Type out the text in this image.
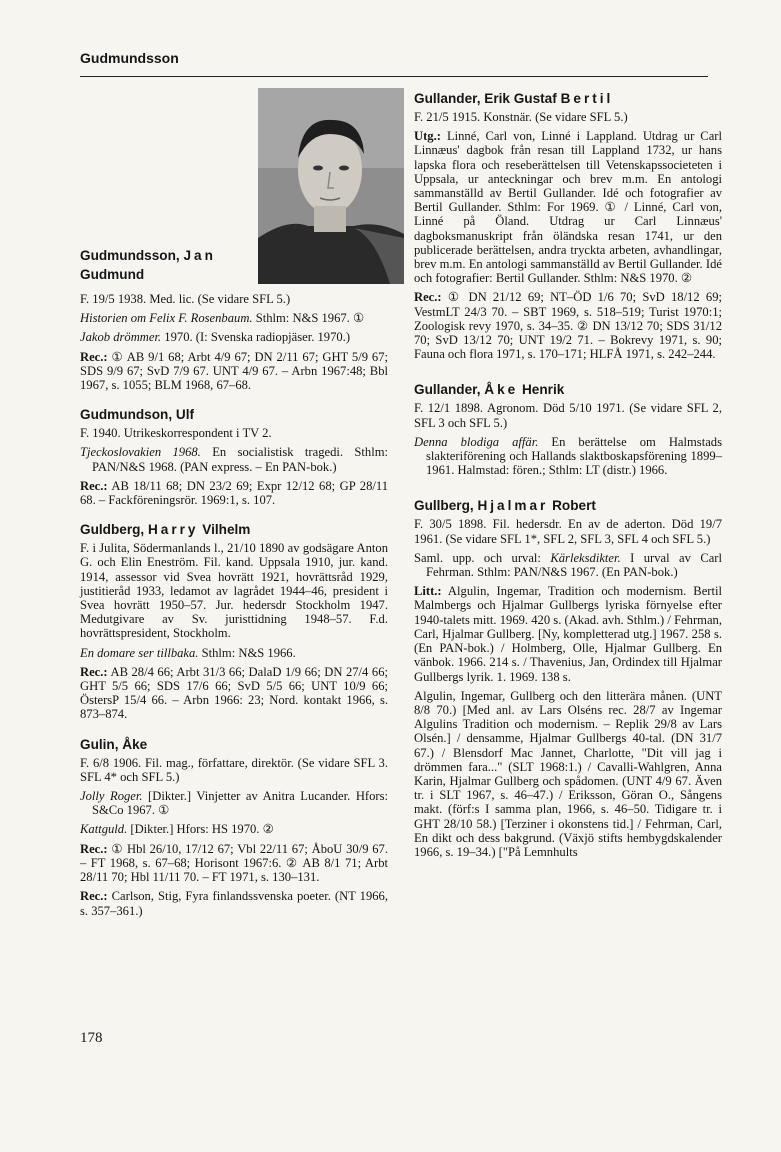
Gudmundsson
Gudmundsson, Jan
Gudmund

F. 19/5 1938. Med. lic. (Se vidare SFL 5.)

Historien om Felix F. Rosenbaum. Sthlm: N&S 1967. ①

Jakob drömmer. 1970. (I: Svenska radiopjäser. 1970.)

Rec.: ① AB 9/1 68; Arbt 4/9 67; DN 2/11 67; GHT 5/9 67; SDS 9/9 67; SvD 7/9 67. UNT 4/9 67. – Arbn 1967:48; Bbl 1967, s. 1055; BLM 1968, 67–68.

Gudmundson, Ulf

F. 1940. Utrikeskorrespondent i TV 2.

Tjeckoslovakien 1968. En socialistisk tragedi. Sthlm: PAN/N&S 1968. (PAN express. – En PAN-bok.)

Rec.: AB 18/11 68; DN 23/2 69; Expr 12/12 68; GP 28/11 68. – Fackföreningsrör. 1969:1, s. 107.

Guldberg, Harry Vilhelm

F. i Julita, Södermanlands l., 21/10 1890 av godsägare Anton G. och Elin Eneström. Fil. kand. Uppsala 1910, jur. kand. 1914, assessor vid Svea hovrätt 1921, hovrättsråd 1929, justitieråd 1933, ledamot av lagrådet 1944–46, president i Svea hovrätt 1950–57. Jur. hedersdr Stockholm 1947. Medutgivare av Sv. juristtidning 1948–57. F.d. hovrättspresident, Stockholm.

En domare ser tillbaka. Sthlm: N&S 1966.

Rec.: AB 28/4 66; Arbt 31/3 66; DalaD 1/9 66; DN 27/4 66; GHT 5/5 66; SDS 17/6 66; SvD 5/5 66; UNT 10/9 66; ÖstersP 15/4 66. – Arbn 1966: 23; Nord. kontakt 1966, s. 873–874.

Gulin, Åke

F. 6/8 1906. Fil. mag., författare, direktör. (Se vidare SFL 3. SFL 4* och SFL 5.)

Jolly Roger. [Dikter.] Vinjetter av Anitra Lucander. Hfors: S&Co 1967. ①

Kattguld. [Dikter.] Hfors: HS 1970. ②

Rec.: ① Hbl 26/10, 17/12 67; Vbl 22/11 67; ÅboU 30/9 67. – FT 1968, s. 67–68; Horisont 1967:6. ② AB 8/1 71; Arbt 28/11 70; Hbl 11/11 70. – FT 1971, s. 130–131.

Rec.: Carlson, Stig, Fyra finlandssvenska poeter. (NT 1966, s. 357–361.)

Gullander, Erik Gustaf Bertil

F. 21/5 1915. Konstnär. (Se vidare SFL 5.)

Utg.: Linné, Carl von, Linné i Lappland. Utdrag ur Carl Linnæus' dagbok från resan till Lappland 1732, ur hans lapska flora och reseberättelsen till Vetenskapssocieteten i Uppsala, ur anteckningar och brev m.m. En antologi sammanställd av Bertil Gullander. Idé och fotografier av Bertil Gullander. Sthlm: For 1969. ① / Linné, Carl von, Linné på Öland. Utdrag ur Carl Linnæus' dagboksmanuskript från öländska resan 1741, ur den publicerade berättelsen, andra tryckta arbeten, avhandlingar, brev m.m. En antologi sammanställd av Bertil Gullander. Idé och fotografier: Bertil Gullander. Sthlm: N&S 1970. ②

Rec.: ① DN 21/12 69; NT–ÖD 1/6 70; SvD 18/12 69; VestmLT 24/3 70. – SBT 1969, s. 518–519; Turist 1970:1; Zoologisk revy 1970, s. 34–35. ② DN 13/12 70; SDS 31/12 70; SvD 13/12 70; UNT 19/2 71. – Bokrevy 1971, s. 90; Fauna och flora 1971, s. 170–171; HLFÅ 1971, s. 242–244.

Gullander, Åke Henrik

F. 12/1 1898. Agronom. Död 5/10 1971. (Se vidare SFL 2, SFL 3 och SFL 5.)

Denna blodiga affär. En berättelse om Halmstads slakteriförening och Hallands slaktboskapsförening 1899–1961. Halmstad: fören.; Sthlm: LT (distr.) 1966.

Gullberg, Hjalmar Robert

F. 30/5 1898. Fil. hedersdr. En av de aderton. Död 19/7 1961. (Se vidare SFL 1*, SFL 2, SFL 3, SFL 4 och SFL 5.)

Saml. upp. och urval: Kärleksdikter. I urval av Carl Fehrman. Sthlm: PAN/N&S 1967. (En PAN-bok.)

Litt.: Algulin, Ingemar, Tradition och modernism. Bertil Malmbergs och Hjalmar Gullbergs lyriska förnyelse efter 1940-talets mitt. 1969. 420 s. (Akad. avh. Sthlm.) / Fehrman, Carl, Hjalmar Gullberg. [Ny, kompletterad utg.] 1967. 258 s. (En PAN-bok.) / Holmberg, Olle, Hjalmar Gullberg. En vänbok. 1966. 214 s. / Thavenius, Jan, Ordindex till Hjalmar Gullbergs lyrik. 1. 1969. 138 s.

Algulin, Ingemar, Gullberg och den litterära månen. (UNT 8/8 70.) [Med anl. av Lars Olséns rec. 28/7 av Ingemar Algulins Tradition och modernism. – Replik 29/8 av Lars Olsén.] / densamme, Hjalmar Gullbergs 40-tal. (DN 31/7 67.) / Blensdorf Mac Jannet, Charlotte, "Dit vill jag i drömmen fara..." (SLT 1968:1.) / Cavalli-Wahlgren, Anna Karin, Hjalmar Gullberg och spådomen. (UNT 4/9 67. Även tr. i SLT 1967, s. 46–47.) / Eriksson, Göran O., Sångens makt. (förf:s I samma plan, 1966, s. 46–50. Tidigare tr. i GHT 28/10 58.) [Terziner i okonstens tid.] / Fehrman, Carl, En dikt och dess bakgrund. (Växjö stifts hembygdskalender 1966, s. 19–34.) ["På Lemnhults

178
